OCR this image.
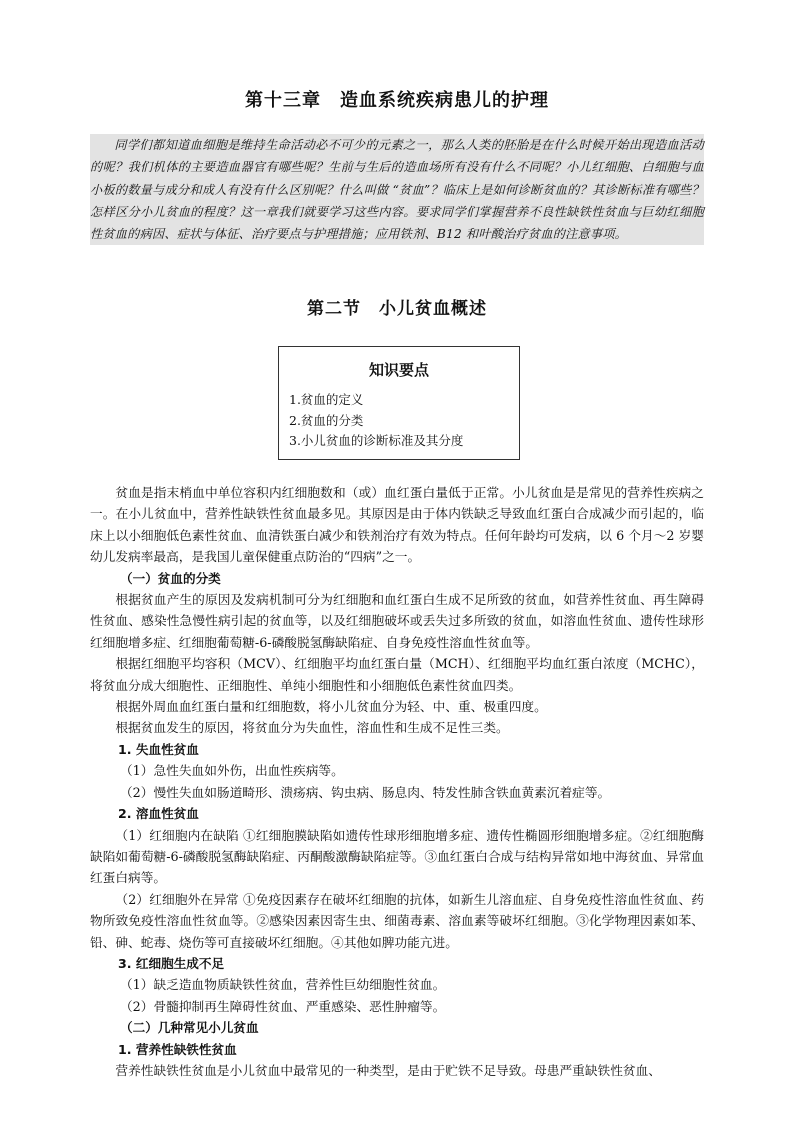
第十三章　造血系统疾病患儿的护理

同学们都知道血细胞是维持生命活动必不可少的元素之一，那么人类的胚胎是在什么时候开始出现造血活动的呢？我们机体的主要造血器官有哪些呢？生前与生后的造血场所有没有什么不同呢？小儿红细胞、白细胞与血小板的数量与成分和成人有没有什么区别呢？什么叫做 “贫血”？临床上是如何诊断贫血的？其诊断标准有哪些？怎样区分小儿贫血的程度？这一章我们就要学习这些内容。要求同学们掌握营养不良性缺铁性贫血与巨幼红细胞性贫血的病因、症状与体征、治疗要点与护理措施；应用铁剂、B12 和叶酸治疗贫血的注意事项。

第二节　小儿贫血概述
知识要点
1.贫血的定义
2.贫血的分类
3.小儿贫血的诊断标准及其分度

贫血是指末梢血中单位容积内红细胞数和（或）血红蛋白量低于正常。小儿贫血是是常见的营养性疾病之一。在小儿贫血中，营养性缺铁性贫血最多见。其原因是由于体内铁缺乏导致血红蛋白合成减少而引起的，临床上以小细胞低色素性贫血、血清铁蛋白减少和铁剂治疗有效为特点。任何年龄均可发病，以 6 个月～2 岁婴幼儿发病率最高，是我国儿童保健重点防治的“四病”之一。

（一）贫血的分类

根据贫血产生的原因及发病机制可分为红细胞和血红蛋白生成不足所致的贫血，如营养性贫血、再生障碍性贫血、感染性急慢性病引起的贫血等，以及红细胞破坏或丢失过多所致的贫血，如溶血性贫血、遗传性球形红细胞增多症、红细胞葡萄糖-6-磷酸脱氢酶缺陷症、自身免疫性溶血性贫血等。

根据红细胞平均容积（MCV）、红细胞平均血红蛋白量（MCH）、红细胞平均血红蛋白浓度（MCHC），将贫血分成大细胞性、正细胞性、单纯小细胞性和小细胞低色素性贫血四类。

根据外周血血红蛋白量和红细胞数，将小儿贫血分为轻、中、重、极重四度。

根据贫血发生的原因，将贫血分为失血性，溶血性和生成不足性三类。

1. 失血性贫血

（1）急性失血如外伤，出血性疾病等。

（2）慢性失血如肠道畸形、溃疡病、钩虫病、肠息肉、特发性肺含铁血黄素沉着症等。

2. 溶血性贫血

（1）红细胞内在缺陷 ①红细胞膜缺陷如遗传性球形细胞增多症、遗传性椭圆形细胞增多症。②红细胞酶缺陷如葡萄糖-6-磷酸脱氢酶缺陷症、丙酮酸激酶缺陷症等。③血红蛋白合成与结构异常如地中海贫血、异常血红蛋白病等。

（2）红细胞外在异常 ①免疫因素存在破坏红细胞的抗体，如新生儿溶血症、自身免疫性溶血性贫血、药物所致免疫性溶血性贫血等。②感染因素因寄生虫、细菌毒素、溶血素等破坏红细胞。③化学物理因素如苯、铅、砷、蛇毒、烧伤等可直接破坏红细胞。④其他如脾功能亢进。

3. 红细胞生成不足

（1）缺乏造血物质缺铁性贫血，营养性巨幼细胞性贫血。

（2）骨髓抑制再生障碍性贫血、严重感染、恶性肿瘤等。

（二）几种常见小儿贫血

1. 营养性缺铁性贫血

营养性缺铁性贫血是小儿贫血中最常见的一种类型，是由于贮铁不足导致。母患严重缺铁性贫血、
